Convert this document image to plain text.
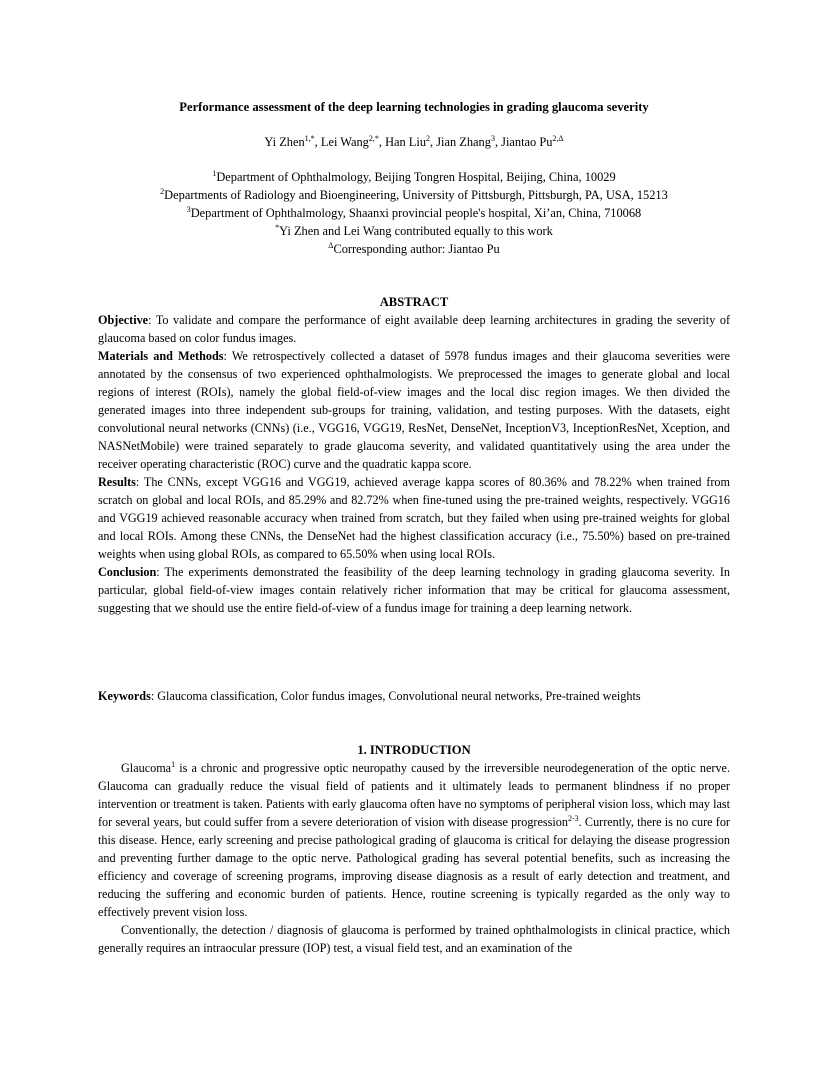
Performance assessment of the deep learning technologies in grading glaucoma severity
Yi Zhen$^{1,*}$, Lei Wang$^{2,*}$, Han Liu$^2$, Jian Zhang$^3$, Jiantao $Pu^{2,\Delta}$
$^1$Department of Ophthalmology, Beijing Tongren Hospital, Beijing, China, 10029
$^2$Departments of Radiology and Bioengineering, University of Pittsburgh, Pittsburgh, PA, USA, 15213
$^3$Department of Ophthalmology, Shaanxi provincial people's hospital, Xi’an, China, 710068
*Yi Zhen and Lei Wang contributed equally to this work
$^\Delta$Corresponding author: Jiantao Pu
ABSTRACT

Objective: To validate and compare the performance of eight available deep learning architectures in grading the severity of glaucoma based on color fundus images.

Materials and Methods: We retrospectively collected a dataset of 5978 fundus images and their glaucoma severities were annotated by the consensus of two experienced ophthalmologists. We preprocessed the images to generate global and local regions of interest (ROIs), namely the global field-of-view images and the local disc region images. We then divided the generated images into three independent sub-groups for training, validation, and testing purposes. With the datasets, eight convolutional neural networks (CNNs) (i.e., VGG16, VGG19, ResNet, DenseNet, InceptionV3, InceptionResNet, Xception, and NASNetMobile) were trained separately to grade glaucoma severity, and validated quantitatively using the area under the receiver operating characteristic (ROC) curve and the quadratic kappa score.

Results: The CNNs, except VGG16 and VGG19, achieved average kappa scores of 80.36% and 78.22% when trained from scratch on global and local ROIs, and 85.29% and 82.72% when fine-tuned using the pre-trained weights, respectively. VGG16 and VGG19 achieved reasonable accuracy when trained from scratch, but they failed when using pre-trained weights for global and local ROIs. Among these CNNs, the DenseNet had the highest classification accuracy (i.e., 75.50%) based on pre-trained weights when using global ROIs, as compared to 65.50% when using local ROIs.

Conclusion: The experiments demonstrated the feasibility of the deep learning technology in grading glaucoma severity. In particular, global field-of-view images contain relatively richer information that may be critical for glaucoma assessment, suggesting that we should use the entire field-of-view of a fundus image for training a deep learning network.

Keywords: Glaucoma classification, Color fundus images, Convolutional neural networks, Pre-trained weights

1. INTRODUCTION

Glaucoma$^1$ is a chronic and progressive optic neuropathy caused by the irreversible neurodegeneration of the optic nerve. Glaucoma can gradually reduce the visual field of patients and it ultimately leads to permanent blindness if no proper intervention or treatment is taken. Patients with early glaucoma often have no symptoms of peripheral vision loss, which may last for several years, but could suffer from a severe deterioration of vision with disease progression$^{2-3}$. Currently, there is no cure for this disease. Hence, early screening and precise pathological grading of glaucoma is critical for delaying the disease progression and preventing further damage to the optic nerve. Pathological grading has several potential benefits, such as increasing the efficiency and coverage of screening programs, improving disease diagnosis as a result of early detection and treatment, and reducing the suffering and economic burden of patients. Hence, routine screening is typically regarded as the only way to effectively prevent vision loss.

Conventionally, the detection / diagnosis of glaucoma is performed by trained ophthalmologists in clinical practice, which generally requires an intraocular pressure (IOP) test, a visual field test, and an examination of the
